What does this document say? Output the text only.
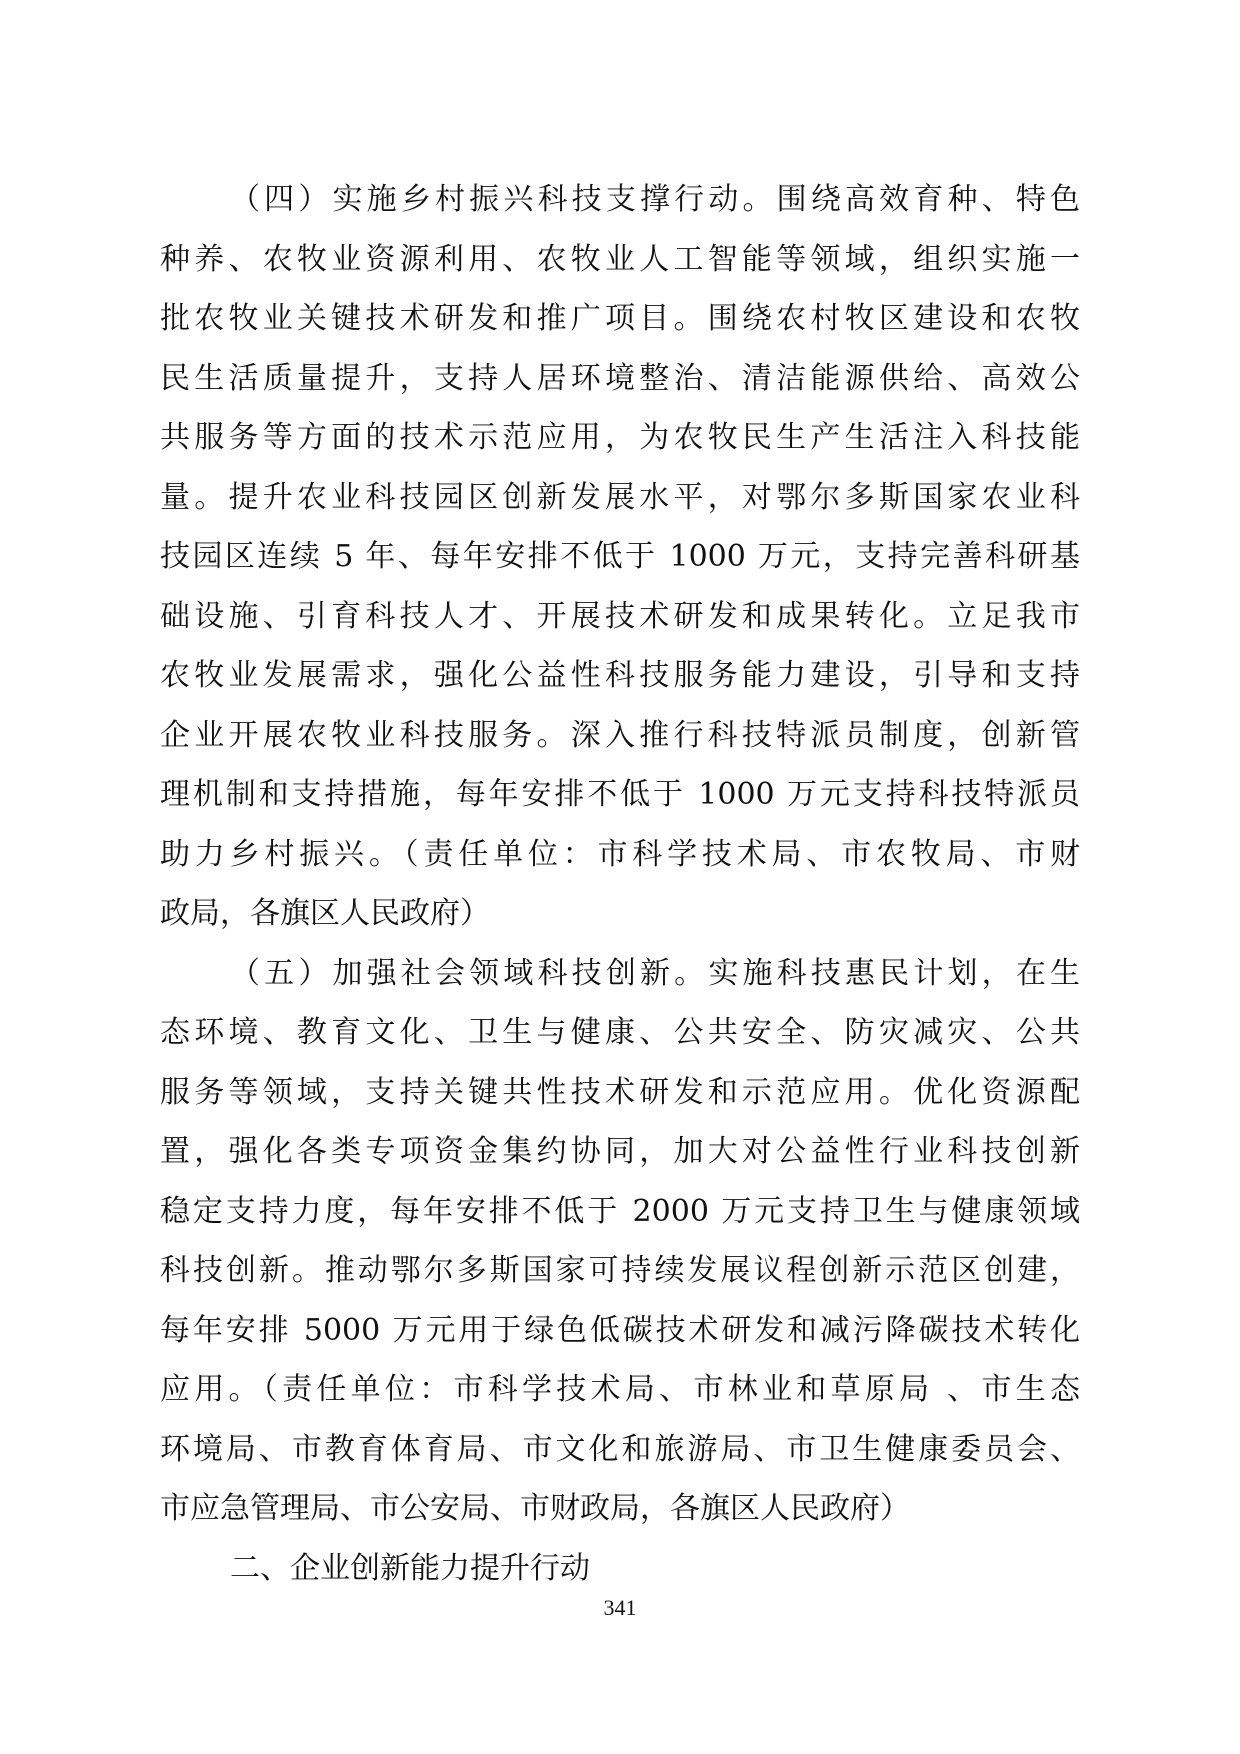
（四）实施乡村振兴科技支撑行动。围绕高效育种、特色
种养、农牧业资源利用、农牧业人工智能等领域，组织实施一
批农牧业关键技术研发和推广项目。围绕农村牧区建设和农牧
民生活质量提升，支持人居环境整治、清洁能源供给、高效公
共服务等方面的技术示范应用，为农牧民生产生活注入科技能
量。提升农业科技园区创新发展水平，对鄂尔多斯国家农业科
技园区连续 5 年、每年安排不低于 1000 万元，支持完善科研基
础设施、引育科技人才、开展技术研发和成果转化。立足我市
农牧业发展需求，强化公益性科技服务能力建设，引导和支持
企业开展农牧业科技服务。深入推行科技特派员制度，创新管
理机制和支持措施，每年安排不低于 1000 万元支持科技特派员
助力乡村振兴。（责任单位：市科学技术局、市农牧局、市财
政局，各旗区人民政府）
（五）加强社会领域科技创新。实施科技惠民计划，在生
态环境、教育文化、卫生与健康、公共安全、防灾减灾、公共
服务等领域，支持关键共性技术研发和示范应用。优化资源配
置，强化各类专项资金集约协同，加大对公益性行业科技创新
稳定支持力度，每年安排不低于 2000 万元支持卫生与健康领域
科技创新。推动鄂尔多斯国家可持续发展议程创新示范区创建，
每年安排 5000 万元用于绿色低碳技术研发和减污降碳技术转化
应用。（责任单位：市科学技术局、市林业和草原局 、市生态
环境局、市教育体育局、市文化和旅游局、市卫生健康委员会、
市应急管理局、市公安局、市财政局，各旗区人民政府）
二、企业创新能力提升行动
341
